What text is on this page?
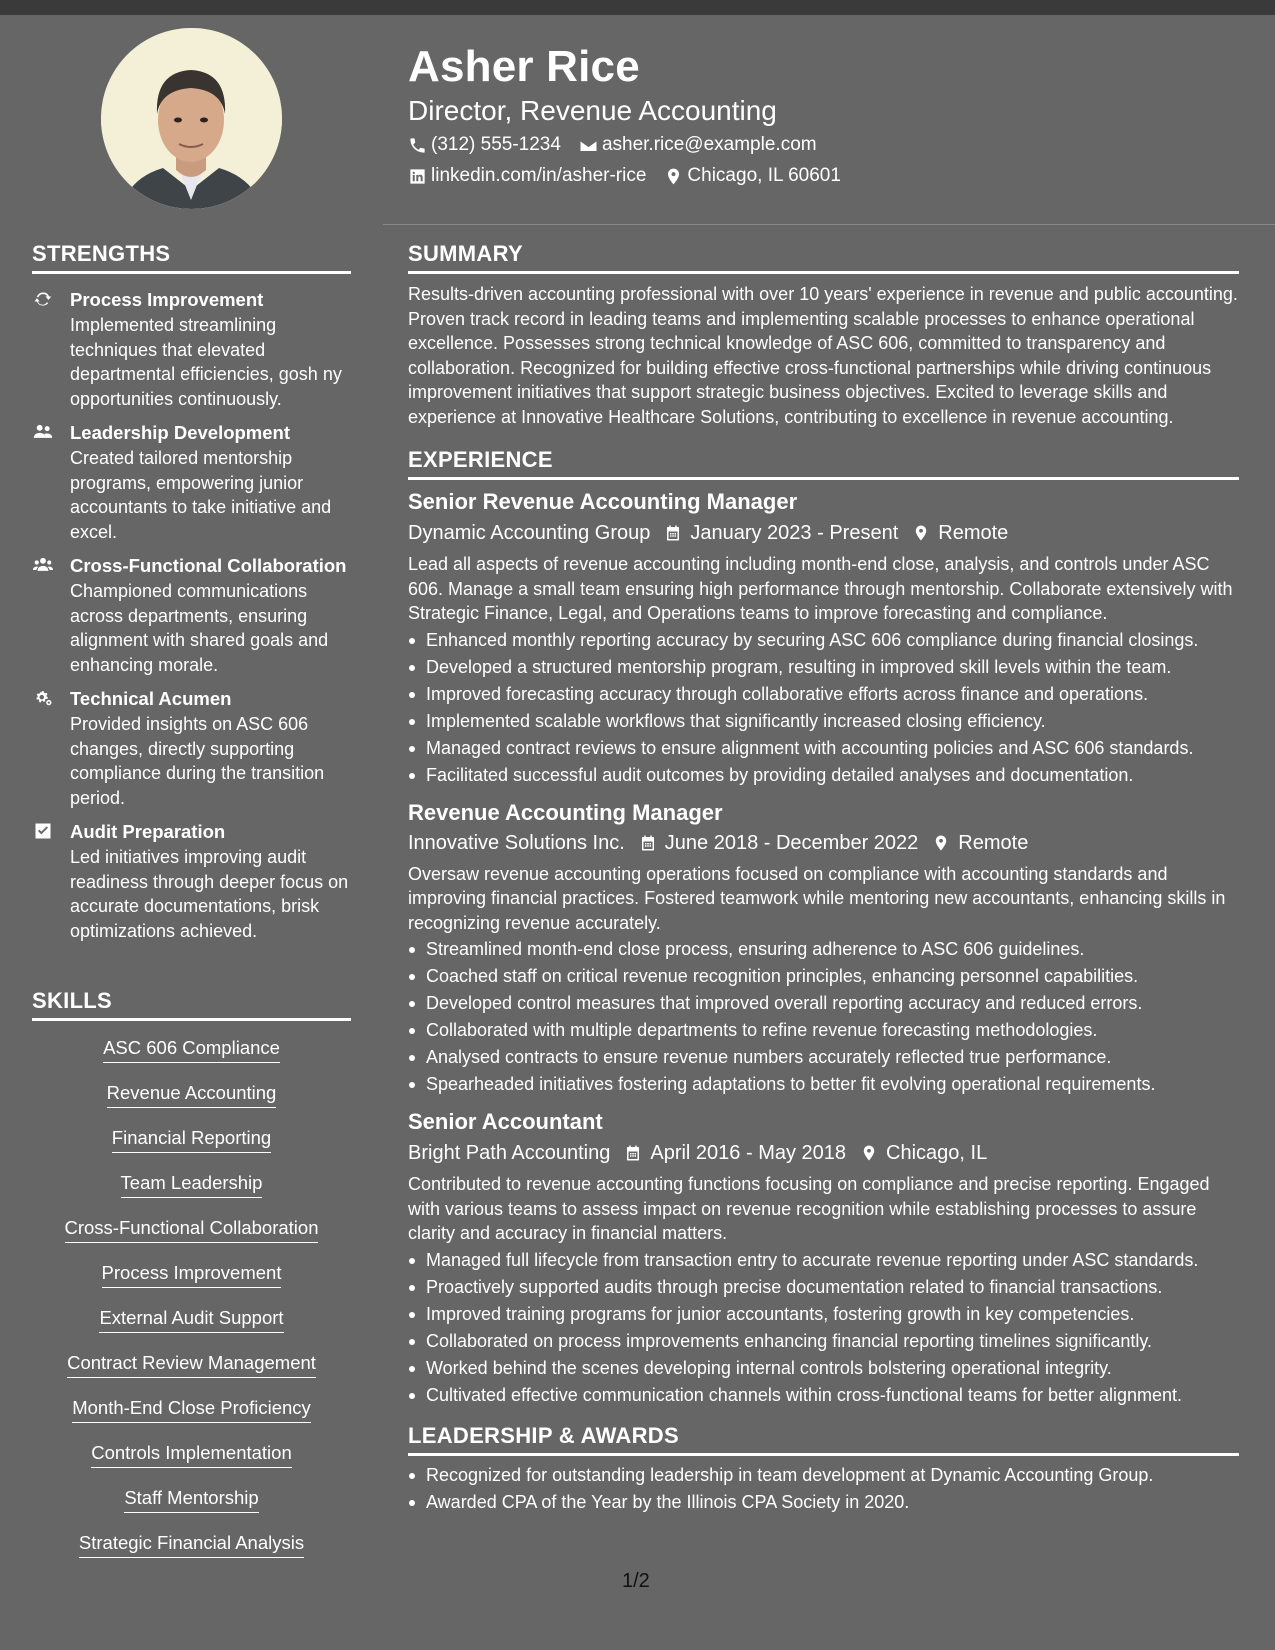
Asher Rice
Director, Revenue Accounting
(312) 555-1234 asher.rice@example.com
linkedin.com/in/asher-rice Chicago, IL 60601
STRENGTHS
Process Improvement
Implemented streamlining techniques that elevated departmental efficiencies, gosh ny opportunities continuously.
Leadership Development
Created tailored mentorship programs, empowering junior accountants to take initiative and excel.
Cross-Functional Collaboration
Championed communications across departments, ensuring alignment with shared goals and enhancing morale.
Technical Acumen
Provided insights on ASC 606 changes, directly supporting compliance during the transition period.
Audit Preparation
Led initiatives improving audit readiness through deeper focus on accurate documentations, brisk optimizations achieved.
SKILLS
ASC 606 Compliance
Revenue Accounting
Financial Reporting
Team Leadership
Cross-Functional Collaboration
Process Improvement
External Audit Support
Contract Review Management
Month-End Close Proficiency
Controls Implementation
Staff Mentorship
Strategic Financial Analysis
SUMMARY
Results-driven accounting professional with over 10 years' experience in revenue and public accounting. Proven track record in leading teams and implementing scalable processes to enhance operational excellence. Possesses strong technical knowledge of ASC 606, committed to transparency and collaboration. Recognized for building effective cross-functional partnerships while driving continuous improvement initiatives that support strategic business objectives. Excited to leverage skills and experience at Innovative Healthcare Solutions, contributing to excellence in revenue accounting.
EXPERIENCE
Senior Revenue Accounting Manager
Dynamic Accounting Group January 2023 - Present Remote
Lead all aspects of revenue accounting including month-end close, analysis, and controls under ASC 606. Manage a small team ensuring high performance through mentorship. Collaborate extensively with Strategic Finance, Legal, and Operations teams to improve forecasting and compliance.
Enhanced monthly reporting accuracy by securing ASC 606 compliance during financial closings.
Developed a structured mentorship program, resulting in improved skill levels within the team.
Improved forecasting accuracy through collaborative efforts across finance and operations.
Implemented scalable workflows that significantly increased closing efficiency.
Managed contract reviews to ensure alignment with accounting policies and ASC 606 standards.
Facilitated successful audit outcomes by providing detailed analyses and documentation.
Revenue Accounting Manager
Innovative Solutions Inc. June 2018 - December 2022 Remote
Oversaw revenue accounting operations focused on compliance with accounting standards and improving financial practices. Fostered teamwork while mentoring new accountants, enhancing skills in recognizing revenue accurately.
Streamlined month-end close process, ensuring adherence to ASC 606 guidelines.
Coached staff on critical revenue recognition principles, enhancing personnel capabilities.
Developed control measures that improved overall reporting accuracy and reduced errors.
Collaborated with multiple departments to refine revenue forecasting methodologies.
Analysed contracts to ensure revenue numbers accurately reflected true performance.
Spearheaded initiatives fostering adaptations to better fit evolving operational requirements.
Senior Accountant
Bright Path Accounting April 2016 - May 2018 Chicago, IL
Contributed to revenue accounting functions focusing on compliance and precise reporting. Engaged with various teams to assess impact on revenue recognition while establishing processes to assure clarity and accuracy in financial matters.
Managed full lifecycle from transaction entry to accurate revenue reporting under ASC standards.
Proactively supported audits through precise documentation related to financial transactions.
Improved training programs for junior accountants, fostering growth in key competencies.
Collaborated on process improvements enhancing financial reporting timelines significantly.
Worked behind the scenes developing internal controls bolstering operational integrity.
Cultivated effective communication channels within cross-functional teams for better alignment.
LEADERSHIP & AWARDS
Recognized for outstanding leadership in team development at Dynamic Accounting Group.
Awarded CPA of the Year by the Illinois CPA Society in 2020.
1/2
